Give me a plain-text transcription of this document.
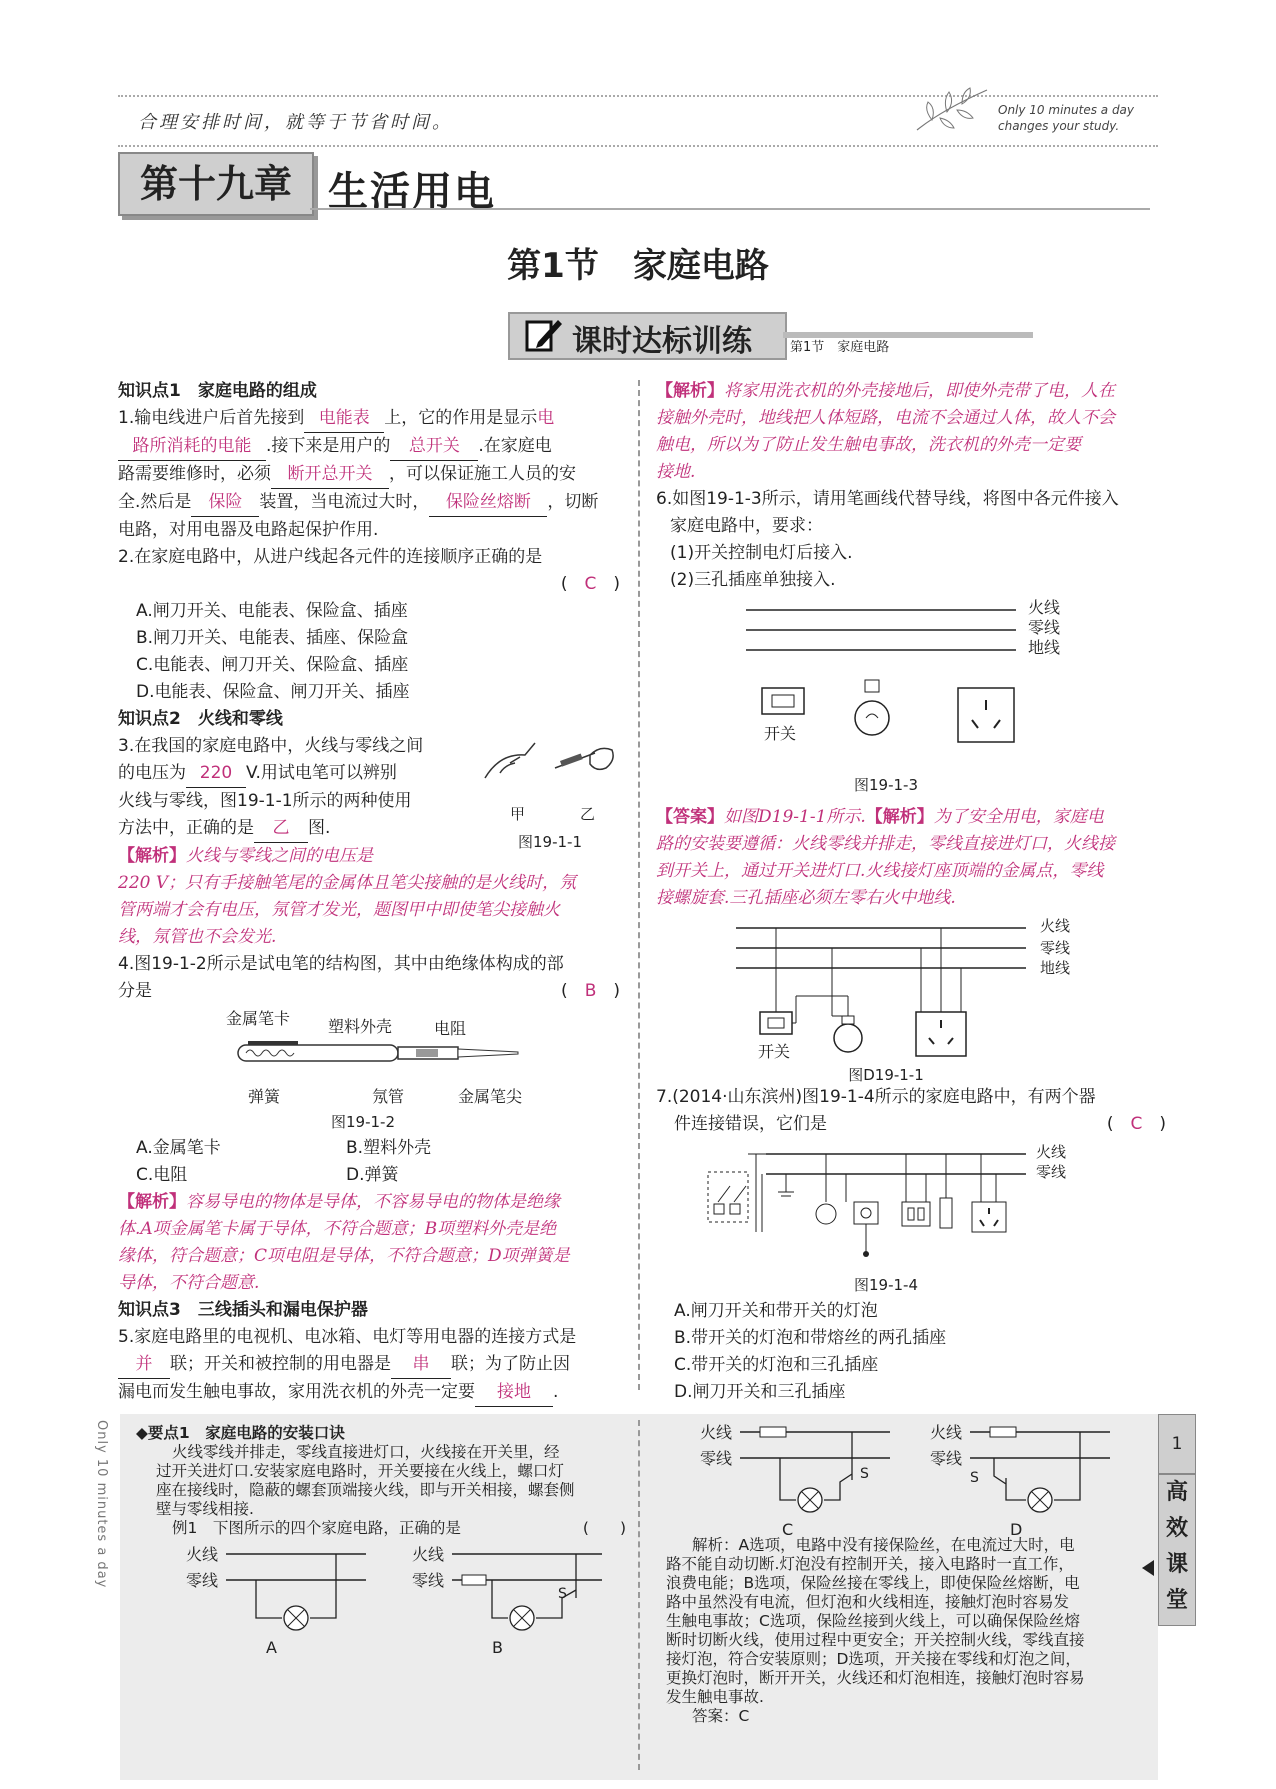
合理安排时间，就等于节省时间。
Only 10 minutes a day
changes your study.
第十九章 生活用电
第1节　家庭电路
课时达标训练	第1节　家庭电路

知识点1　家庭电路的组成

1.输电线进户后首先接到 电能表 上，它的作用是显示电
路所消耗的电能 .接下来是用户的 总开关 .在家庭电
路需要维修时，必须 断开总开关 ，可以保证施工人员的安
全.然后是 保险 装置，当电流过大时， 保险丝熔断 ，切断
电路，对用电器及电路起保护作用.

2.在家庭电路中，从进户线起各元件的连接顺序正确的是

(　C　)

A.闸刀开关、电能表、保险盒、插座

B.闸刀开关、电能表、插座、保险盒

C.电能表、闸刀开关、保险盒、插座

D.电能表、保险盒、闸刀开关、插座

知识点2　火线和零线

3.在我国的家庭电路中，火线与零线之间

的电压为 220 V.用试电笔可以辨别

火线与零线，图19-1-1所示的两种使用

方法中，正确的是 乙 图.

甲	乙
图19-1-1

【解析】火线与零线之间的电压是

220 V；只有手接触笔尾的金属体且笔尖接触的是火线时，氖

管两端才会有电压，氖管才发光，题图甲中即使笔尖接触火

线，氖管也不会发光.

4.图19-1-2所示是试电笔的结构图，其中由绝缘体构成的部

分是	(　B　)

金属笔卡 塑料外壳	电阻
弹簧	氖管	金属笔尖
图19-1-2

A.金属笔卡	B.塑料外壳

C.电阻	D.弹簧

【解析】容易导电的物体是导体，不容易导电的物体是绝缘

体.A项金属笔卡属于导体，不符合题意；B项塑料外壳是绝

缘体，符合题意；C项电阻是导体，不符合题意；D项弹簧是

导体，不符合题意.

知识点3　三线插头和漏电保护器

5.家庭电路里的电视机、电冰箱、电灯等用电器的连接方式是
并 联；开关和被控制的用电器是 串 联；为了防止因
漏电而发生触电事故，家用洗衣机的外壳一定要 接地 .

【解析】将家用洗衣机的外壳接地后，即使外壳带了电，人在

接触外壳时，地线把人体短路，电流不会通过人体，故人不会

触电，所以为了防止发生触电事故，洗衣机的外壳一定要

接地.

6.如图19-1-3所示，请用笔画线代替导线，将图中各元件接入

家庭电路中，要求：

(1)开关控制电灯后接入.

(2)三孔插座单独接入.

火线
零线
地线
开关
图19-1-3

【答案】如图D19-1-1所示.【解析】为了安全用电，家庭电

路的安装要遵循：火线零线并排走，零线直接进灯口，火线接

到开关上，通过开关进灯口.火线接灯座顶端的金属点，零线

接螺旋套.三孔插座必须左零右火中地线.

火线
零线
地线
开关
图D19-1-1

7.(2014·山东滨州)图19-1-4所示的家庭电路中，有两个器

件连接错误，它们是	(　C　)

火线
零线
图19-1-4

A.闸刀开关和带开关的灯泡

B.带开关的灯泡和带熔丝的两孔插座

C.带开关的灯泡和三孔插座

D.闸刀开关和三孔插座

Only 10 minutes a day ◆要点1　家庭电路的安装口诀

火线零线并排走，零线直接进灯口，火线接在开关里，经

过开关进灯口.安装家庭电路时，开关要接在火线上，螺口灯

座在接线时，隐蔽的螺套顶端接火线，即与开关相接，螺套侧

壁与零线相接.

例1　下图所示的四个家庭电路，正确的是	(　　)

火线
零线
A
火线
零线
S
B
火线
零线
S
C
火线
零线
S
D

解析：A选项，电路中没有接保险丝，在电流过大时，电

路不能自动切断.灯泡没有控制开关，接入电路时一直工作，

浪费电能；B选项，保险丝接在零线上，即使保险丝熔断，电

路中虽然没有电流，但灯泡和火线相连，接触灯泡时容易发

生触电事故；C选项，保险丝接到火线上，可以确保保险丝熔

断时切断火线，使用过程中更安全；开关控制火线，零线直接

接灯泡，符合安装原则；D选项，开关接在零线和灯泡之间，

更换灯泡时，断开开关，火线还和灯泡相连，接触灯泡时容易

发生触电事故.

答案：C

1
高
效
课
堂
